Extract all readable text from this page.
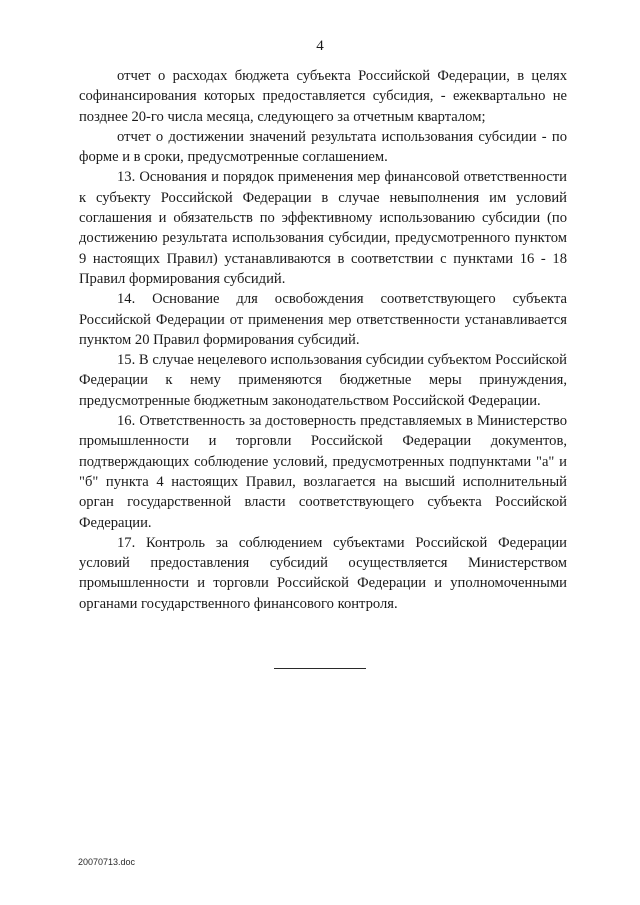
4

отчет о расходах бюджета субъекта Российской Федерации, в целях софинансирования которых предоставляется субсидия, - ежеквартально не позднее 20-го числа месяца, следующего за отчетным кварталом;

отчет о достижении значений результата использования субсидии - по форме и в сроки, предусмотренные соглашением.

13. Основания и порядок применения мер финансовой ответственности к субъекту Российской Федерации в случае невыполнения им условий соглашения и обязательств по эффективному использованию субсидии (по достижению результата использования субсидии, предусмотренного пунктом 9 настоящих Правил) устанавливаются в соответствии с пунктами 16 - 18 Правил формирования субсидий.

14. Основание для освобождения соответствующего субъекта Российской Федерации от применения мер ответственности устанавливается пунктом 20 Правил формирования субсидий.

15. В случае нецелевого использования субсидии субъектом Российской Федерации к нему применяются бюджетные меры принуждения, предусмотренные бюджетным законодательством Российской Федерации.

16. Ответственность за достоверность представляемых в Министерство промышленности и торговли Российской Федерации документов, подтверждающих соблюдение условий, предусмотренных подпунктами "а" и "б" пункта 4 настоящих Правил, возлагается на высший исполнительный орган государственной власти соответствующего субъекта Российской Федерации.

17. Контроль за соблюдением субъектами Российской Федерации условий предоставления субсидий осуществляется Министерством промышленности и торговли Российской Федерации и уполномоченными органами государственного финансового контроля.

20070713.doc
